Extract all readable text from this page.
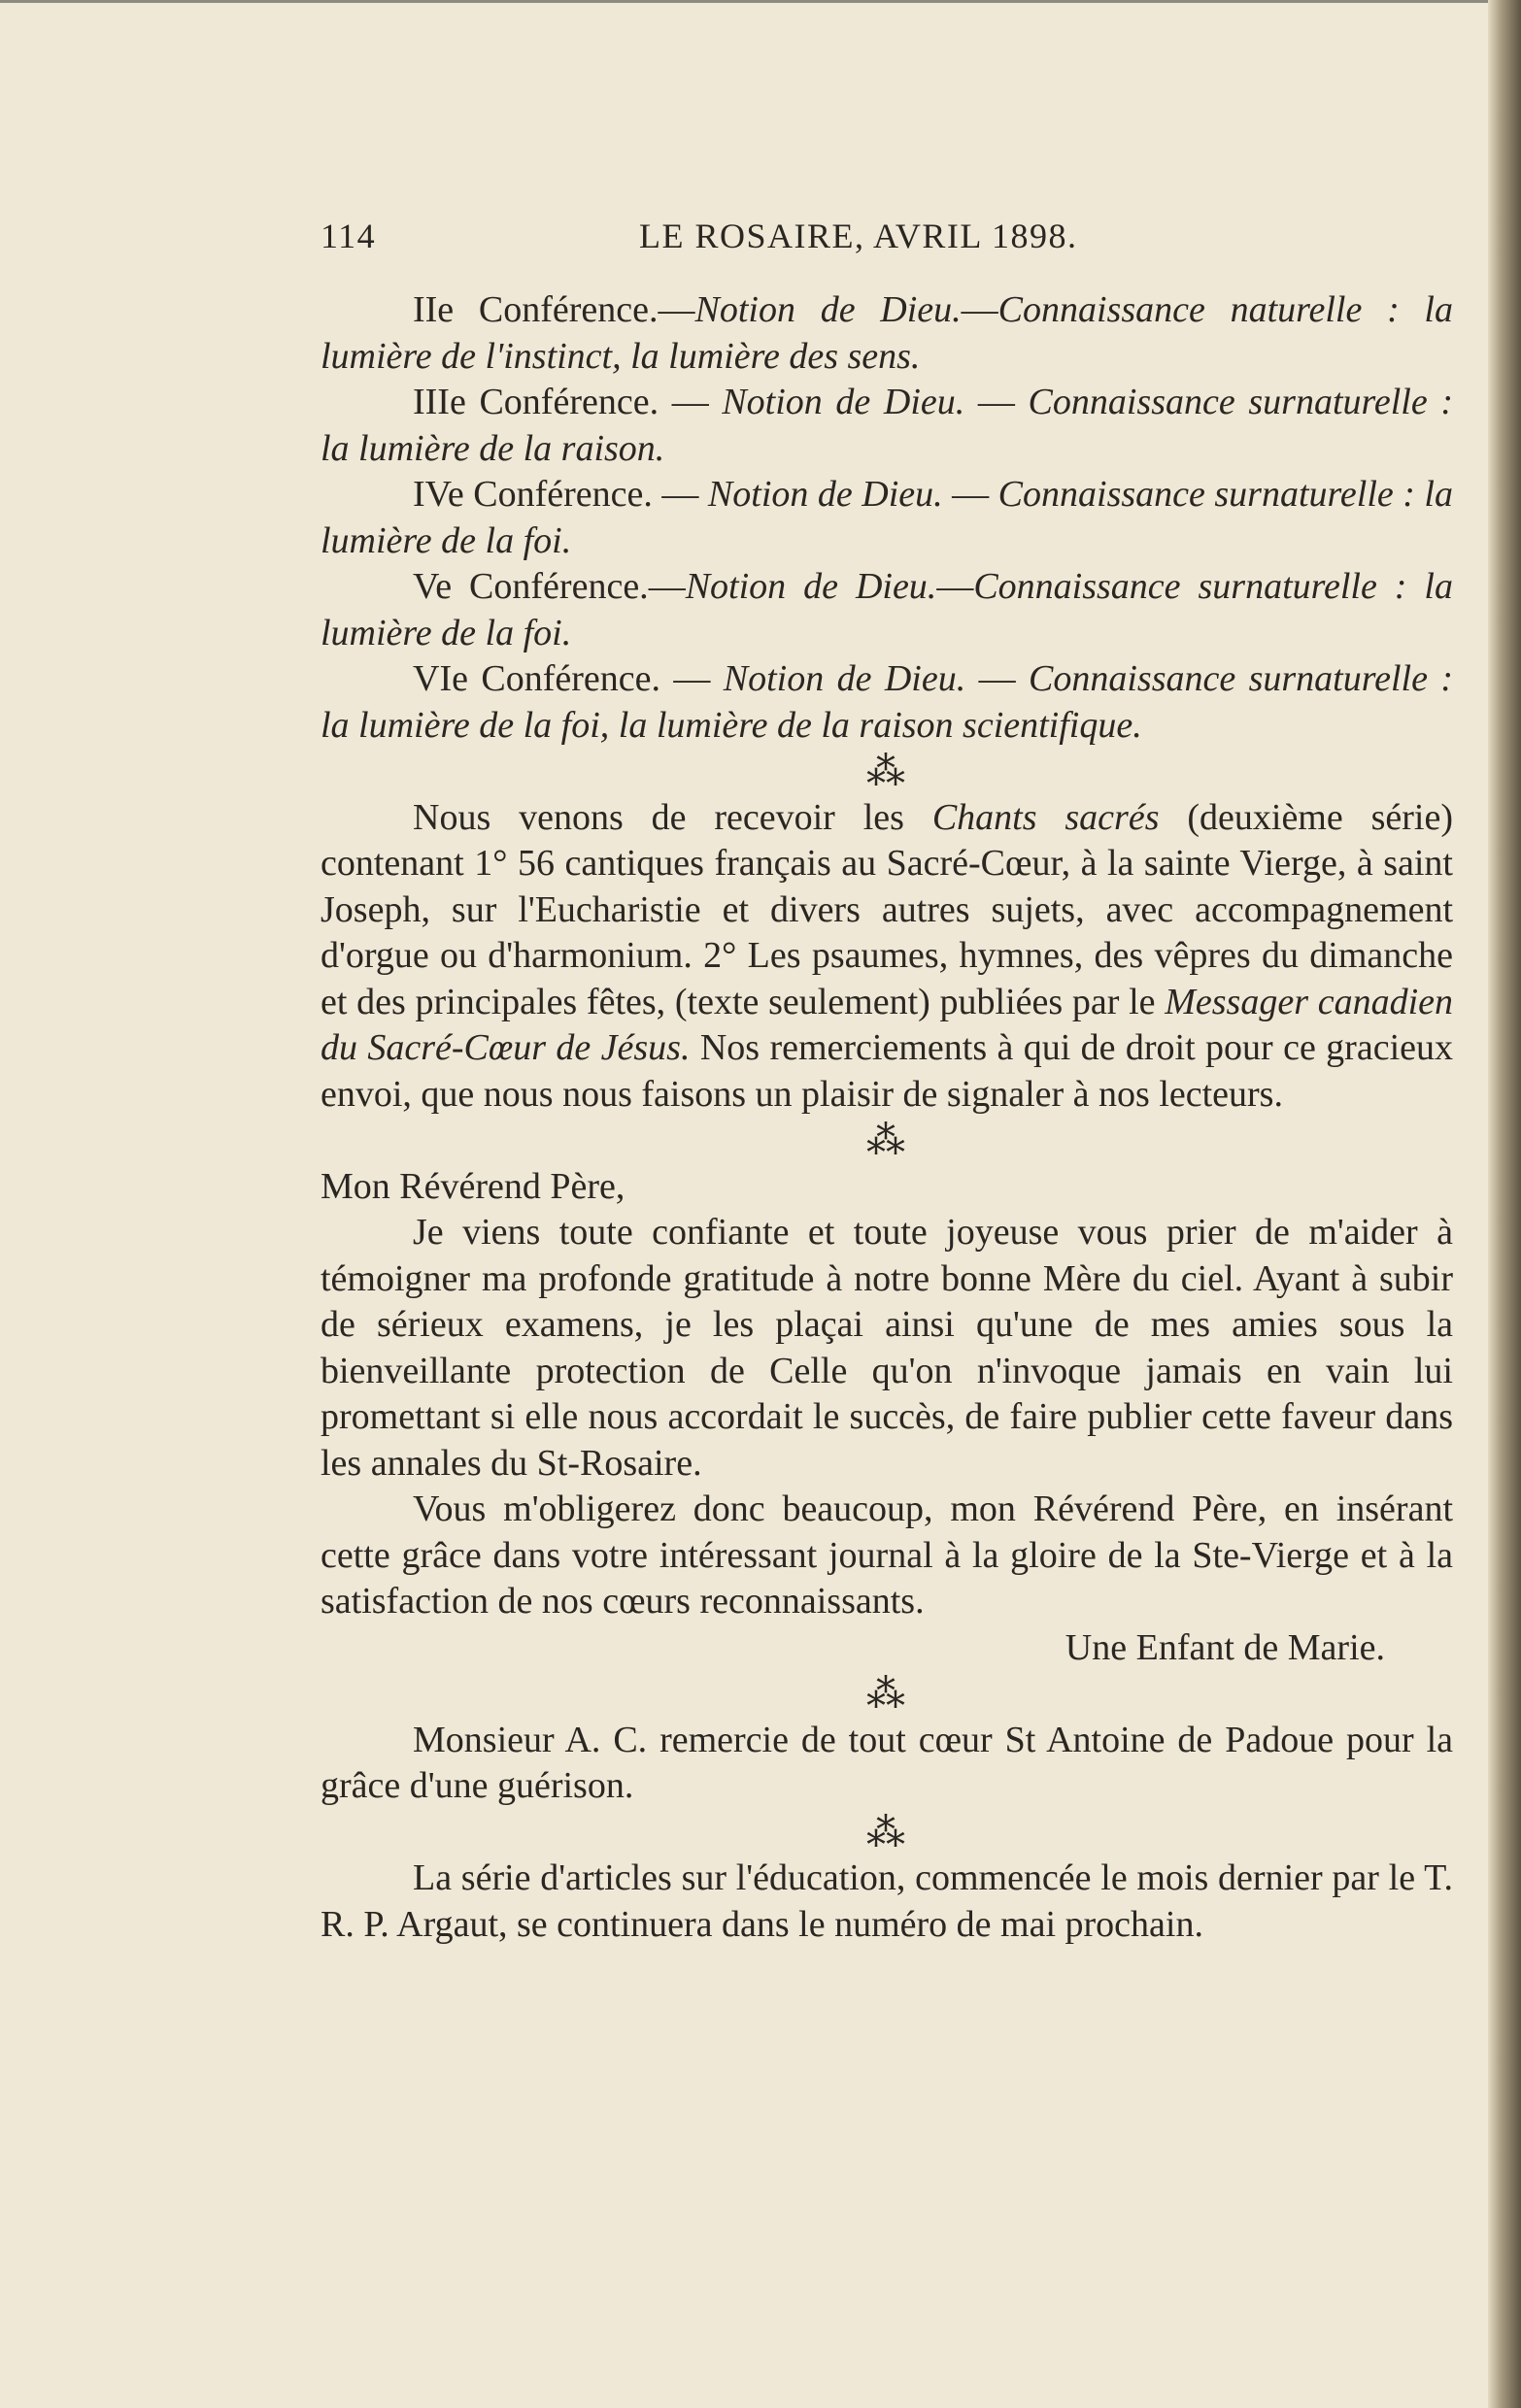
114	LE ROSAIRE, AVRIL 1898.

IIe Conférence.—Notion de Dieu.—Connaissance naturelle : la lumière de l'instinct, la lumière des sens.

IIIe Conférence. — Notion de Dieu. — Connaissance surnaturelle : la lumière de la raison.

IVe Conférence. — Notion de Dieu. — Connaissance surnaturelle : la lumière de la foi.

Ve Conférence.—Notion de Dieu.—Connaissance surnaturelle : la lumière de la foi.

VIe Conférence. — Notion de Dieu. — Connaissance surnaturelle : la lumière de la foi, la lumière de la raison scientifique.

⁂

Nous venons de recevoir les Chants sacrés (deuxième série) contenant 1° 56 cantiques français au Sacré-Cœur, à la sainte Vierge, à saint Joseph, sur l'Eucharistie et divers autres sujets, avec accompagnement d'orgue ou d'harmonium. 2° Les psaumes, hymnes, des vêpres du dimanche et des principales fêtes, (texte seulement) publiées par le Messager canadien du Sacré-Cœur de Jésus. Nos remerciements à qui de droit pour ce gracieux envoi, que nous nous faisons un plaisir de signaler à nos lecteurs.

⁂

Mon Révérend Père,

Je viens toute confiante et toute joyeuse vous prier de m'aider à témoigner ma profonde gratitude à notre bonne Mère du ciel. Ayant à subir de sérieux examens, je les plaçai ainsi qu'une de mes amies sous la bienveillante protection de Celle qu'on n'invoque jamais en vain lui promettant si elle nous accordait le succès, de faire publier cette faveur dans les annales du St-Rosaire.

Vous m'obligerez donc beaucoup, mon Révérend Père, en insérant cette grâce dans votre intéressant journal à la gloire de la Ste-Vierge et à la satisfaction de nos cœurs reconnaissants.

Une Enfant de Marie.

⁂

Monsieur A. C. remercie de tout cœur St Antoine de Padoue pour la grâce d'une guérison.

⁂

La série d'articles sur l'éducation, commencée le mois dernier par le T. R. P. Argaut, se continuera dans le numéro de mai prochain.
